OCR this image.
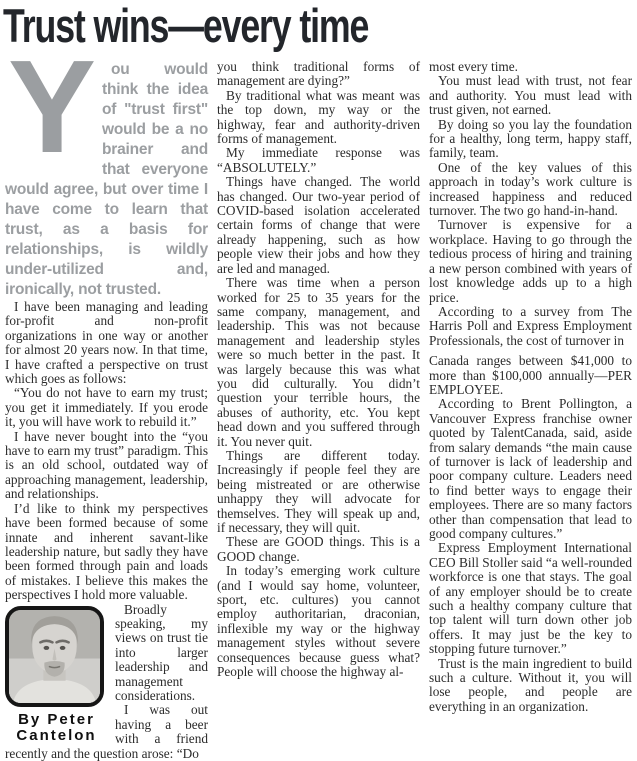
Trust wins—every time

Y ou would think the idea of "trust first" would be a no brainer and that everyone would agree, but over time I have come to learn that trust, as a basis for relationships, is wildly under-utilized and, ironically, not trusted.

I have been managing and leading for-profit and non-profit organizations in one way or another for almost 20 years now. In that time, I have crafted a perspective on trust which goes as follows:

“You do not have to earn my trust; you get it immediately. If you erode it, you will have work to rebuild it.”

I have never bought into the “you have to earn my trust” paradigm. This is an old school, outdated way of approaching management, leadership, and relationships.

I’d like to think my perspectives have been formed because of some innate and inherent savant-like leadership nature, but sadly they have been formed through pain and loads of mistakes. I believe this makes the perspectives I hold more valuable.

By Peter
Cantelon

Broadly speaking, my views on trust tie into larger leadership and management considerations.

I was out having a beer with a friend recently and the question arose: “Do

you think traditional forms of management are dying?”

By traditional what was meant was the top down, my way or the highway, fear and authority-driven forms of management.

My immediate response was “ABSOLUTELY.”

Things have changed. The world has changed. Our two-year period of COVID-based isolation accelerated certain forms of change that were already happening, such as how people view their jobs and how they are led and managed.

There was time when a person worked for 25 to 35 years for the same company, management, and leadership. This was not because management and leadership styles were so much better in the past. It was largely because this was what you did culturally. You didn’t question your terrible hours, the abuses of authority, etc. You kept head down and you suffered through it. You never quit.

Things are different today. Increasingly if people feel they are being mistreated or are otherwise unhappy they will advocate for themselves. They will speak up and, if necessary, they will quit.

These are GOOD things. This is a GOOD change.

In today’s emerging work culture (and I would say home, volunteer, sport, etc. cultures) you cannot employ authoritarian, draconian, inflexible my way or the highway management styles without severe consequences because guess what? People will choose the highway al-

most every time.

You must lead with trust, not fear and authority. You must lead with trust given, not earned.

By doing so you lay the foundation for a healthy, long term, happy staff, family, team.

One of the key values of this approach in today’s work culture is increased happiness and reduced turnover. The two go hand-in-hand.

Turnover is expensive for a workplace. Having to go through the tedious process of hiring and training a new person combined with years of lost knowledge adds up to a high price.

According to a survey from The Harris Poll and Express Employment Professionals, the cost of turnover in

Canada ranges between $41,000 to more than $100,000 annually—PER EMPLOYEE.

According to Brent Pollington, a Vancouver Express franchise owner quoted by TalentCanada, said, aside from salary demands “the main cause of turnover is lack of leadership and poor company culture. Leaders need to find better ways to engage their employees. There are so many factors other than compensation that lead to good company cultures.”

Express Employment International CEO Bill Stoller said “a well-rounded workforce is one that stays. The goal of any employer should be to create such a healthy company culture that top talent will turn down other job offers. It may just be the key to stopping future turnover.”

Trust is the main ingredient to build such a culture. Without it, you will lose people, and people are everything in an organization.
